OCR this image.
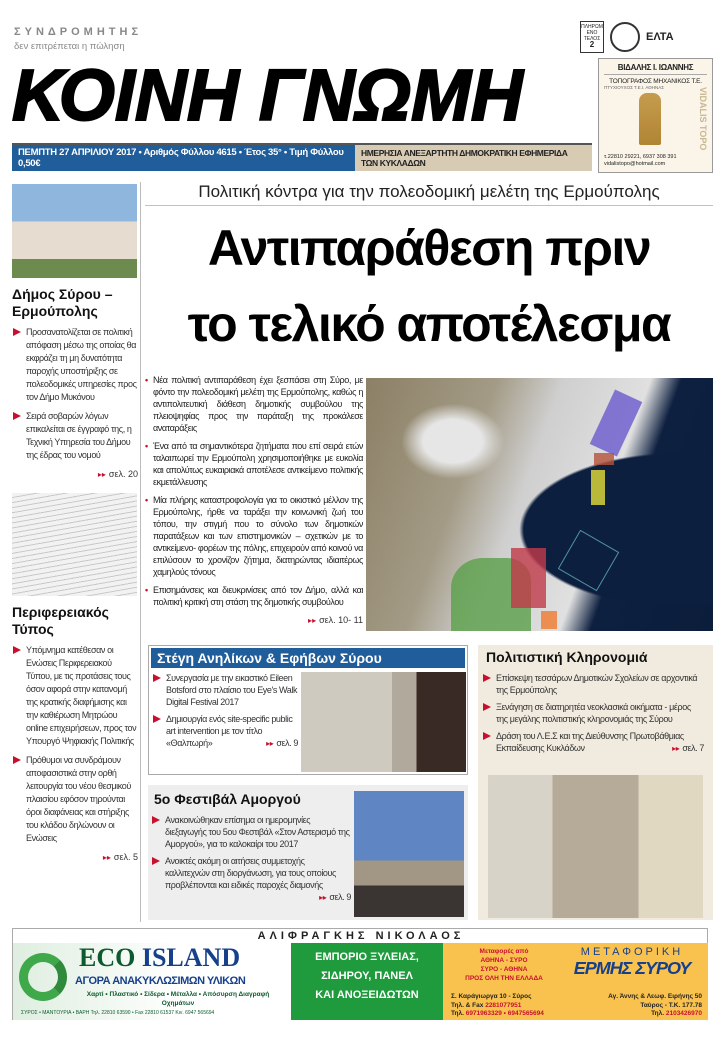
ΣΥΝΔΡΟΜΗΤΗΣ
δεν επιτρέπεται η πώληση
ΠΛΗΡΩΜΕΝΟ ΤΕΛΟΣ
2
ΕΛΤΑ
ΚΟΙΝΗ ΓΝΩΜΗ
ΠΕΜΠΤΗ 27 ΑΠΡΙΛΙΟΥ 2017 • Αριθμός Φύλλου 4615 • Έτος 35° • Τιμή Φύλλου 0,50€
ΗΜΕΡΗΣΙΑ ΑΝΕΞΑΡΤΗΤΗ ΔΗΜΟΚΡΑΤΙΚΗ ΕΦΗΜΕΡΙΔΑ ΤΩΝ ΚΥΚΛΑΔΩΝ
ΒΙΔΑΛΗΣ Ι. ΙΩΑΝΝΗΣ
ΤΟΠΟΓΡΑΦΟΣ ΜΗΧΑΝΙΚΟΣ Τ.Ε.
ΠΤΥΧΙΟΥΧΟΣ Τ.Ε.Ι. ΑΘΗΝΑΣ	VIDALIS TOPO
τ.22810 29221, 6937 308 391
vidalistopo@hotmail.com
Δήμος Σύρου – Ερμούπολης
Προσανατολίζεται σε πολιτική απόφαση μέσω της οποίας θα εκφράζει τη μη δυνατότητα παροχής υποστήριξης σε πολεοδομικές υπηρεσίες προς τον Δήμο Μυκόνου
Σειρά σοβαρών λόγων επικαλείται σε έγγραφό της, η Τεχνική Υπηρεσία του Δήμου της έδρας του νομού
▸▸ σελ. 20
Περιφερειακός Τύπος
Υπόμνημα κατέθεσαν οι Ενώσεις Περιφερειακού Τύπου, με τις προτάσεις τους όσον αφορά στην κατανομή της κρατικής διαφήμισης και την καθιέρωση Μητρώου online επιχειρήσεων, προς τον Υπουργό Ψηφιακής Πολιτικής
Πρόθυμοι να συνδράμουν αποφασιστικά στην ορθή λειτουργία του νέου θεσμικού πλαισίου εφόσον τηρούνται όροι διαφάνειας και στήριξης του κλάδου δηλώνουν οι Ενώσεις
▸▸ σελ. 5
Πολιτική κόντρα για την πολεοδομική μελέτη της Ερμούπολης
Αντιπαράθεση πριν
το τελικό αποτέλεσμα
• Νέα πολιτική αντιπαράθεση έχει ξεσπάσει στη Σύρο, με φόντο την πολεοδομική μελέτη της Ερμούπολης, καθώς η αντιπολιτευτική διάθεση δημοτικής συμβούλου της πλειοψηφίας προς την παράταξη της προκάλεσε αναταράξεις
• Ένα από τα σημαντικότερα ζητήματα που επί σειρά ετών ταλαιπωρεί την Ερμούπολη χρησιμοποιήθηκε με ευκολία και απολύτως ευκαιριακά αποτέλεσε αντικείμενο πολιτικής εκμετάλλευσης
• Μία πλήρης καταστροφολογία για το οικιστικό μέλλον της Ερμούπολης, ήρθε να ταράξει την κοινωνική ζωή του τόπου, την στιγμή που το σύνολο των δημοτικών παρατάξεων και των επιστημονικών – σχετικών με το αντικείμενο- φορέων της πόλης, επιχειρούν από κοινού να επιλύσουν το χρονίζον ζήτημα, διατηρώντας ιδιαιτέρως χαμηλούς τόνους
• Επισημάνσεις και διευκρινίσεις από τον Δήμο, αλλά και πολιτική κριτική στη στάση της δημοτικής συμβούλου
▸▸ σελ. 10- 11
Στέγη Ανηλίκων & Εφήβων Σύρου
Συνεργασία με την εικαστικό Eileen Botsford στο πλαίσιο του Eye's Walk Digital Festival 2017
Δημιουργία ενός site-specific public art intervention με τον τίτλο «Θαλπωρή»	▸▸ σελ. 9
5ο Φεστιβάλ Αμοργού
Ανακοινώθηκαν επίσημα οι ημερομηνίες διεξαγωγής του 5ου Φεστιβάλ «Στον Αστερισμό της Αμοργού», για το καλοκαίρι του 2017
Ανοικτές ακόμη οι αιτήσεις συμμετοχής καλλιτεχνών στη διοργάνωση, για τους οποίους προβλέπονται και ειδικές παροχές διαμονής
▸▸ σελ. 9
Πολιτιστική Κληρονομιά
Επίσκεψη τεσσάρων Δημοτικών Σχολείων σε αρχοντικά της Ερμούπολης
Ξενάγηση σε διατηρητέα νεοκλασικά οικήματα - μέρος της μεγάλης πολιτιστικής κληρονομιάς της Σύρου
Δράση του Λ.Ε.Σ και της Διεύθυνσης Πρωτοβάθμιας Εκπαίδευσης Κυκλάδων	▸▸ σελ. 7
ΑΛΙΦΡΑΓΚΗΣ ΝΙΚΟΛΑΟΣ
ECO ISLAND
ΑΓΟΡΑ ΑΝΑΚΥΚΛΩΣΙΜΩΝ ΥΛΙΚΩΝ
Χαρτί • Πλαστικό • Σίδερα • Μέταλλα • Απόσυρση Διαγραφή Οχημάτων
ΣΥΡΟΣ • ΜΑΝΤΟΥΡΙΑ • ΒΑΡΗ Τηλ. 22810 63590 • Fax 22810 61537 Κιν. 6947 565694
ΕΜΠΟΡΙΟ ΞΥΛΕΙΑΣ,
ΣΙΔΗΡΟΥ, ΠΑΝΕΛ
ΚΑΙ ΑΝΟΞΕΙΔΩΤΩΝ
Μεταφορές από
ΑΘΗΝΑ - ΣΥΡΟ
ΣΥΡΟ - ΑΘΗΝΑ
ΠΡΟΣ ΟΛΗ ΤΗΝ ΕΛΛΑΔΑ
ΜΕΤΑΦΟΡΙΚΗ
ΕΡΜΗΣ ΣΥΡΟΥ
Σ. Καράγιωργα 10 - Σύρος
Τηλ. & Fax 2281077951
Τηλ. 6971963329 • 6947565694
Αγ. Άννης & Λεωφ. Ειρήνης 50
Ταύρος - Τ.Κ. 177.78
Τηλ. 2103426970
